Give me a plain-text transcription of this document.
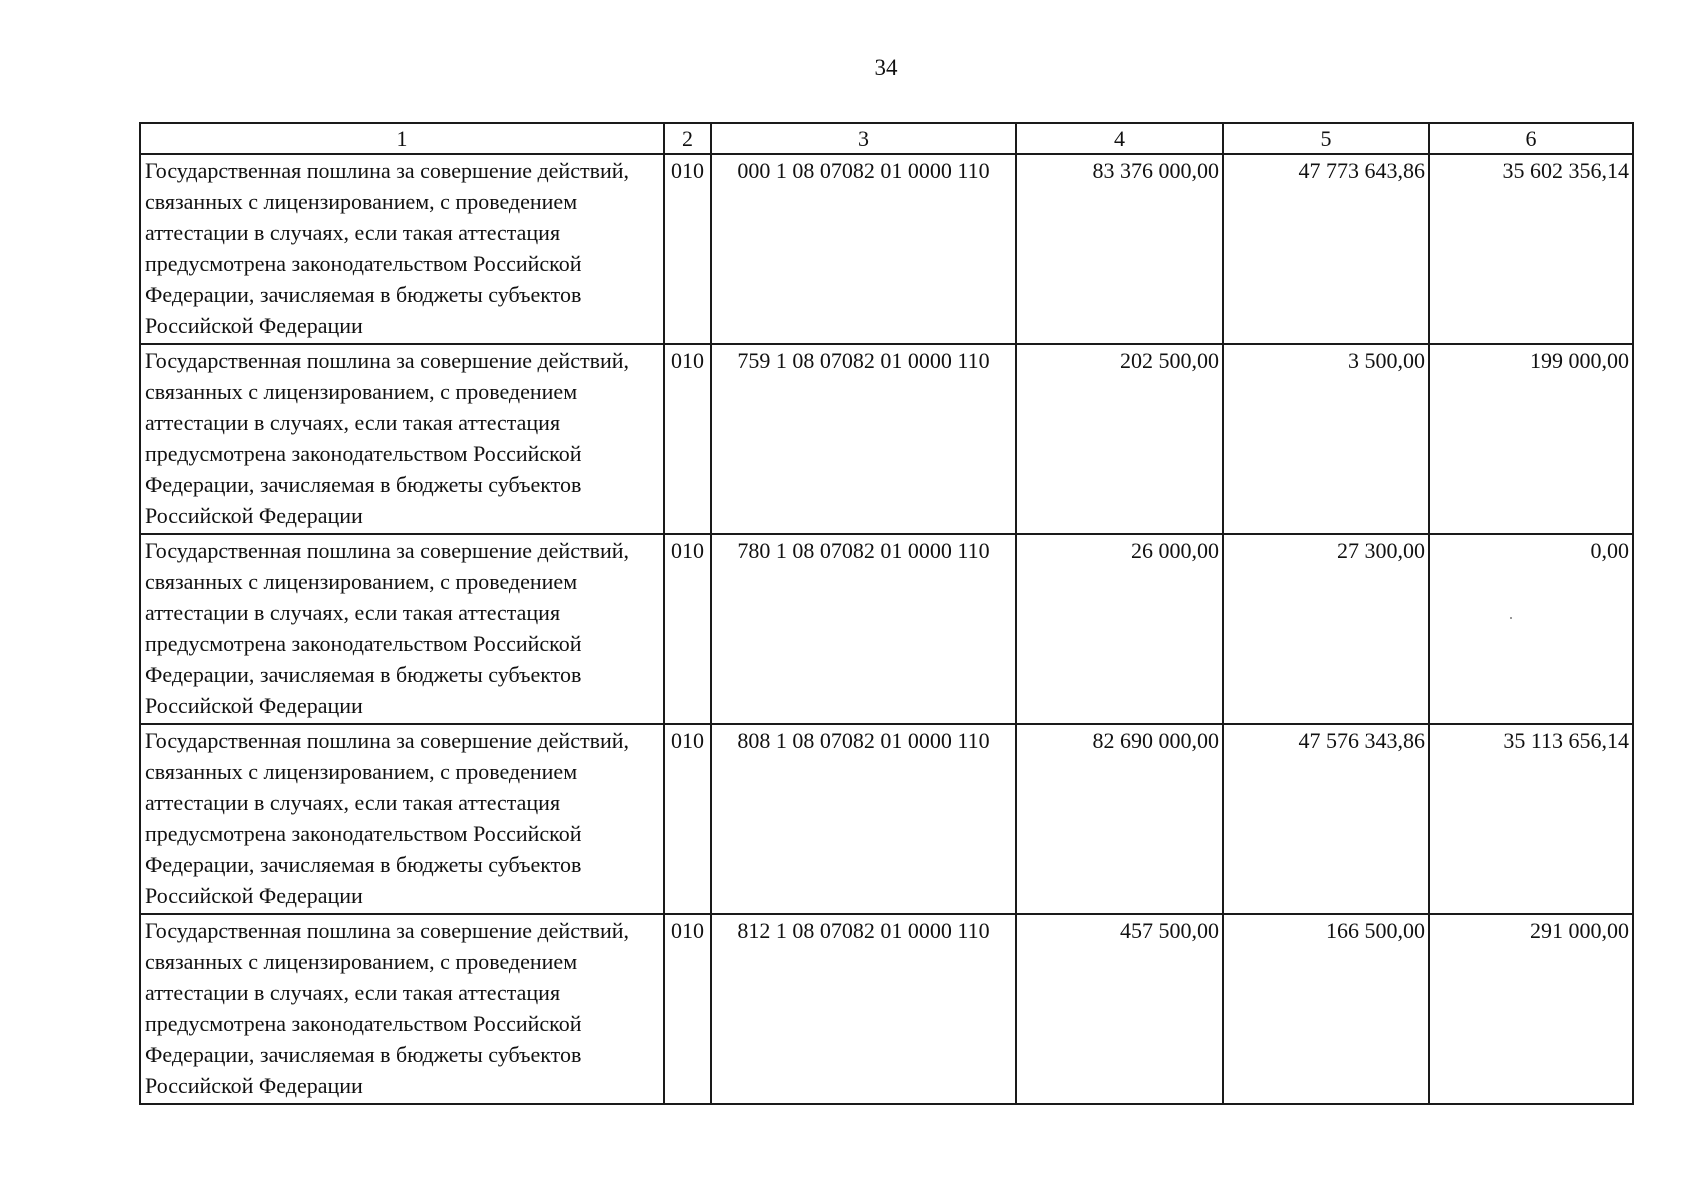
34
1	2	3	4	5	6
Государственная пошлина за совершение действий, связанных с лицензированием, с проведением аттестации в случаях, если такая аттестация предусмотрена законодательством Российской Федерации, зачисляемая в бюджеты субъектов Российской Федерации	010	000 1 08 07082 01 0000 110	83 376 000,00	47 773 643,86	35 602 356,14
Государственная пошлина за совершение действий, связанных с лицензированием, с проведением аттестации в случаях, если такая аттестация предусмотрена законодательством Российской Федерации, зачисляемая в бюджеты субъектов Российской Федерации	010	759 1 08 07082 01 0000 110	202 500,00	3 500,00	199 000,00
Государственная пошлина за совершение действий, связанных с лицензированием, с проведением аттестации в случаях, если такая аттестация предусмотрена законодательством Российской Федерации, зачисляемая в бюджеты субъектов Российской Федерации	010	780 1 08 07082 01 0000 110	26 000,00	27 300,00	0,00
Государственная пошлина за совершение действий, связанных с лицензированием, с проведением аттестации в случаях, если такая аттестация предусмотрена законодательством Российской Федерации, зачисляемая в бюджеты субъектов Российской Федерации	010	808 1 08 07082 01 0000 110	82 690 000,00	47 576 343,86	35 113 656,14
Государственная пошлина за совершение действий, связанных с лицензированием, с проведением аттестации в случаях, если такая аттестация предусмотрена законодательством Российской Федерации, зачисляемая в бюджеты субъектов Российской Федерации	010	812 1 08 07082 01 0000 110	457 500,00	166 500,00	291 000,00
